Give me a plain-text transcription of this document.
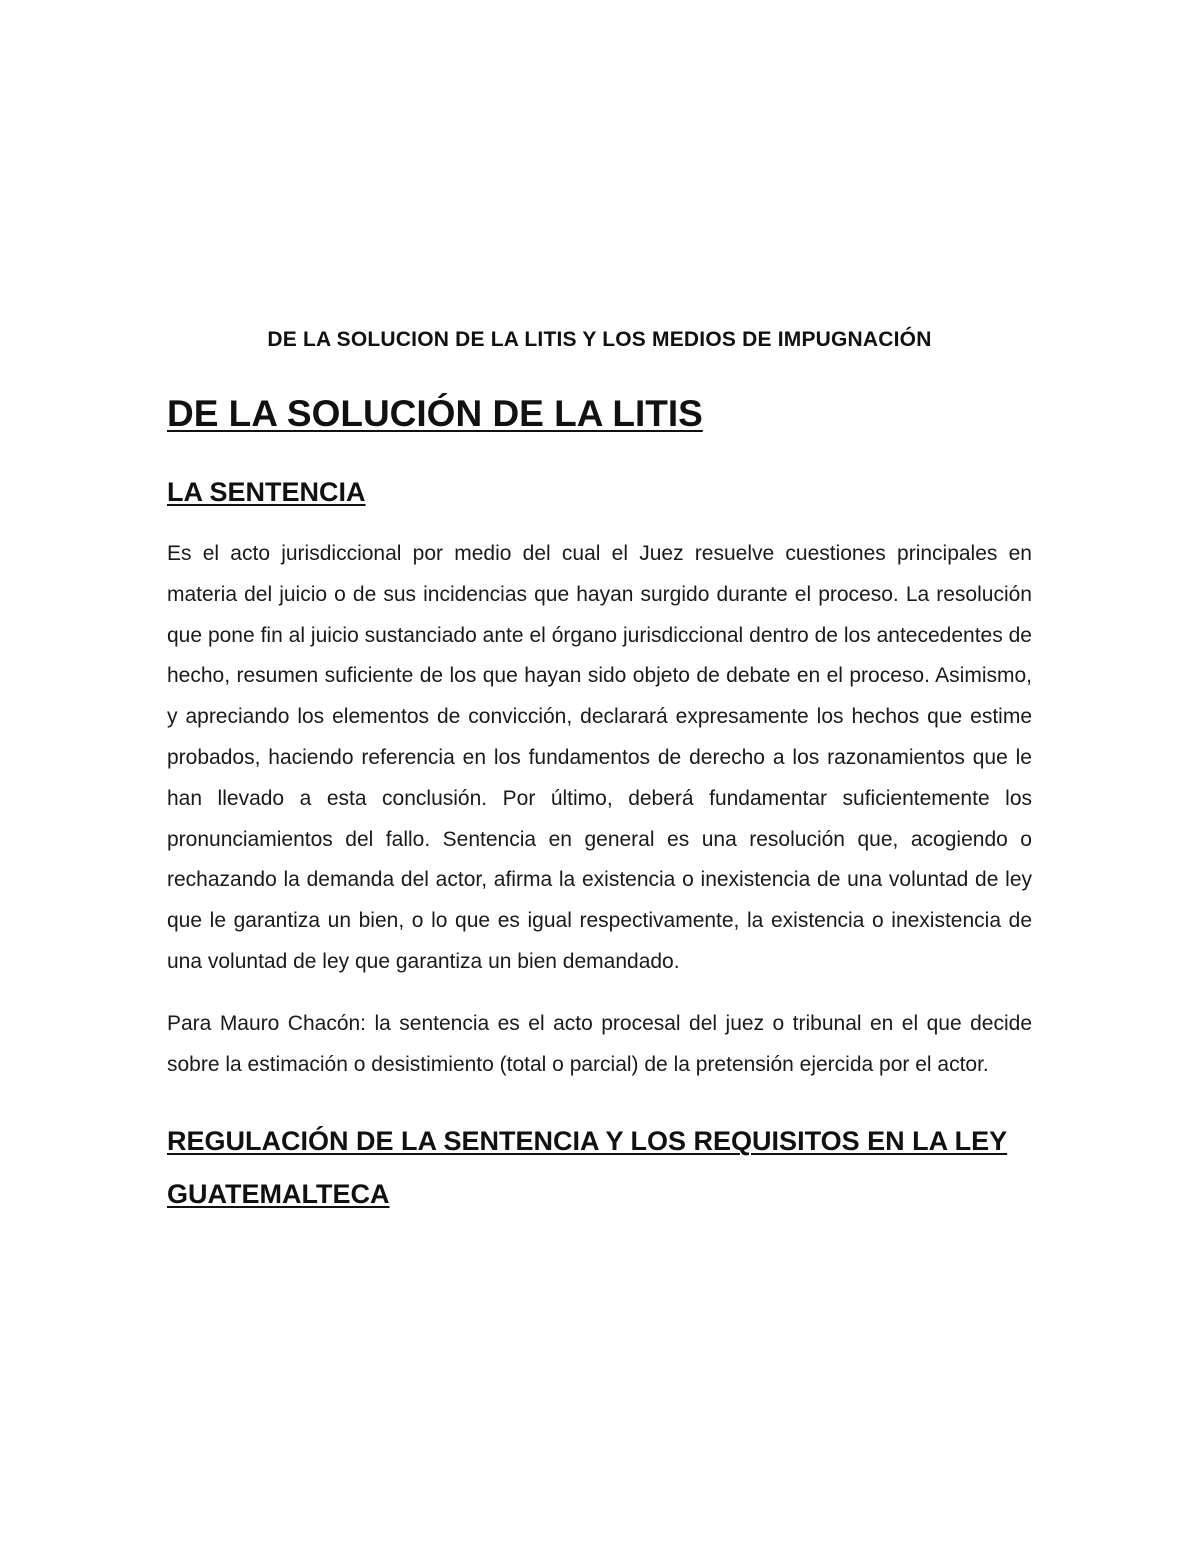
DE LA SOLUCION DE LA LITIS Y LOS MEDIOS DE IMPUGNACIÓN
DE LA SOLUCIÓN DE LA LITIS
LA SENTENCIA

Es el acto jurisdiccional por medio del cual el Juez resuelve cuestiones principales en materia del juicio o de sus incidencias que hayan surgido durante el proceso. La resolución que pone fin al juicio sustanciado ante el órgano jurisdiccional dentro de los antecedentes de hecho, resumen suficiente de los que hayan sido objeto de debate en el proceso. Asimismo, y apreciando los elementos de convicción, declarará expresamente los hechos que estime probados, haciendo referencia en los fundamentos de derecho a los razonamientos que le han llevado a esta conclusión. Por último, deberá fundamentar suficientemente los pronunciamientos del fallo. Sentencia en general es una resolución que, acogiendo o rechazando la demanda del actor, afirma la existencia o inexistencia de una voluntad de ley que le garantiza un bien, o lo que es igual respectivamente, la existencia o inexistencia de una voluntad de ley que garantiza un bien demandado.

Para Mauro Chacón: la sentencia es el acto procesal del juez o tribunal en el que decide sobre la estimación o desistimiento (total o parcial) de la pretensión ejercida por el actor.

REGULACIÓN DE LA SENTENCIA Y LOS REQUISITOS EN LA LEY GUATEMALTECA
